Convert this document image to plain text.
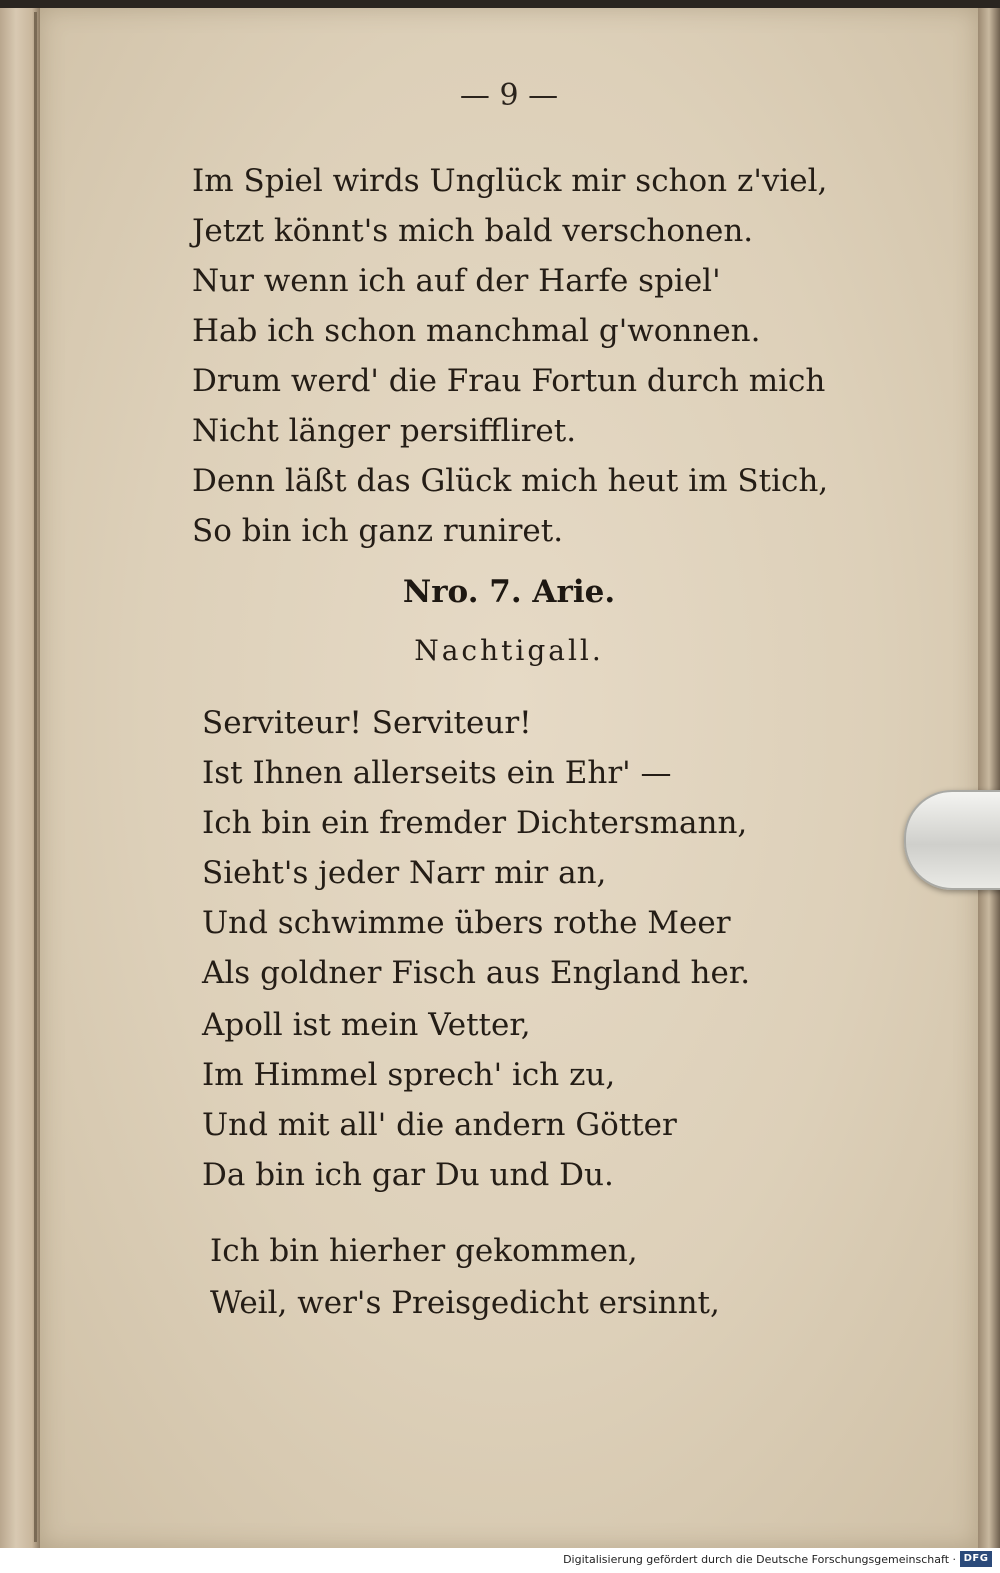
— 9 —
Im Spiel wirds Unglück mir schon z'viel,
Jetzt könnt's mich bald verschonen.
Nur wenn ich auf der Harfe spiel'
Hab ich schon manchmal g'wonnen.
Drum werd' die Frau Fortun durch mich
Nicht länger persiffliret.
Denn läßt das Glück mich heut im Stich,
So bin ich ganz runiret.
Nro. 7. Arie.
Nachtigall.
Serviteur! Serviteur!
Ist Ihnen allerseits ein Ehr' —
Ich bin ein fremder Dichtersmann,
Sieht's jeder Narr mir an,
Und schwimme übers rothe Meer
Als goldner Fisch aus England her.
Apoll ist mein Vetter,
Im Himmel sprech' ich zu,
Und mit all' die andern Götter
Da bin ich gar Du und Du.
Ich bin hierher gekommen,
Weil, wer's Preisgedicht ersinnt,
Digitalisierung gefördert durch die Deutsche Forschungsgemeinschaft · DFG
